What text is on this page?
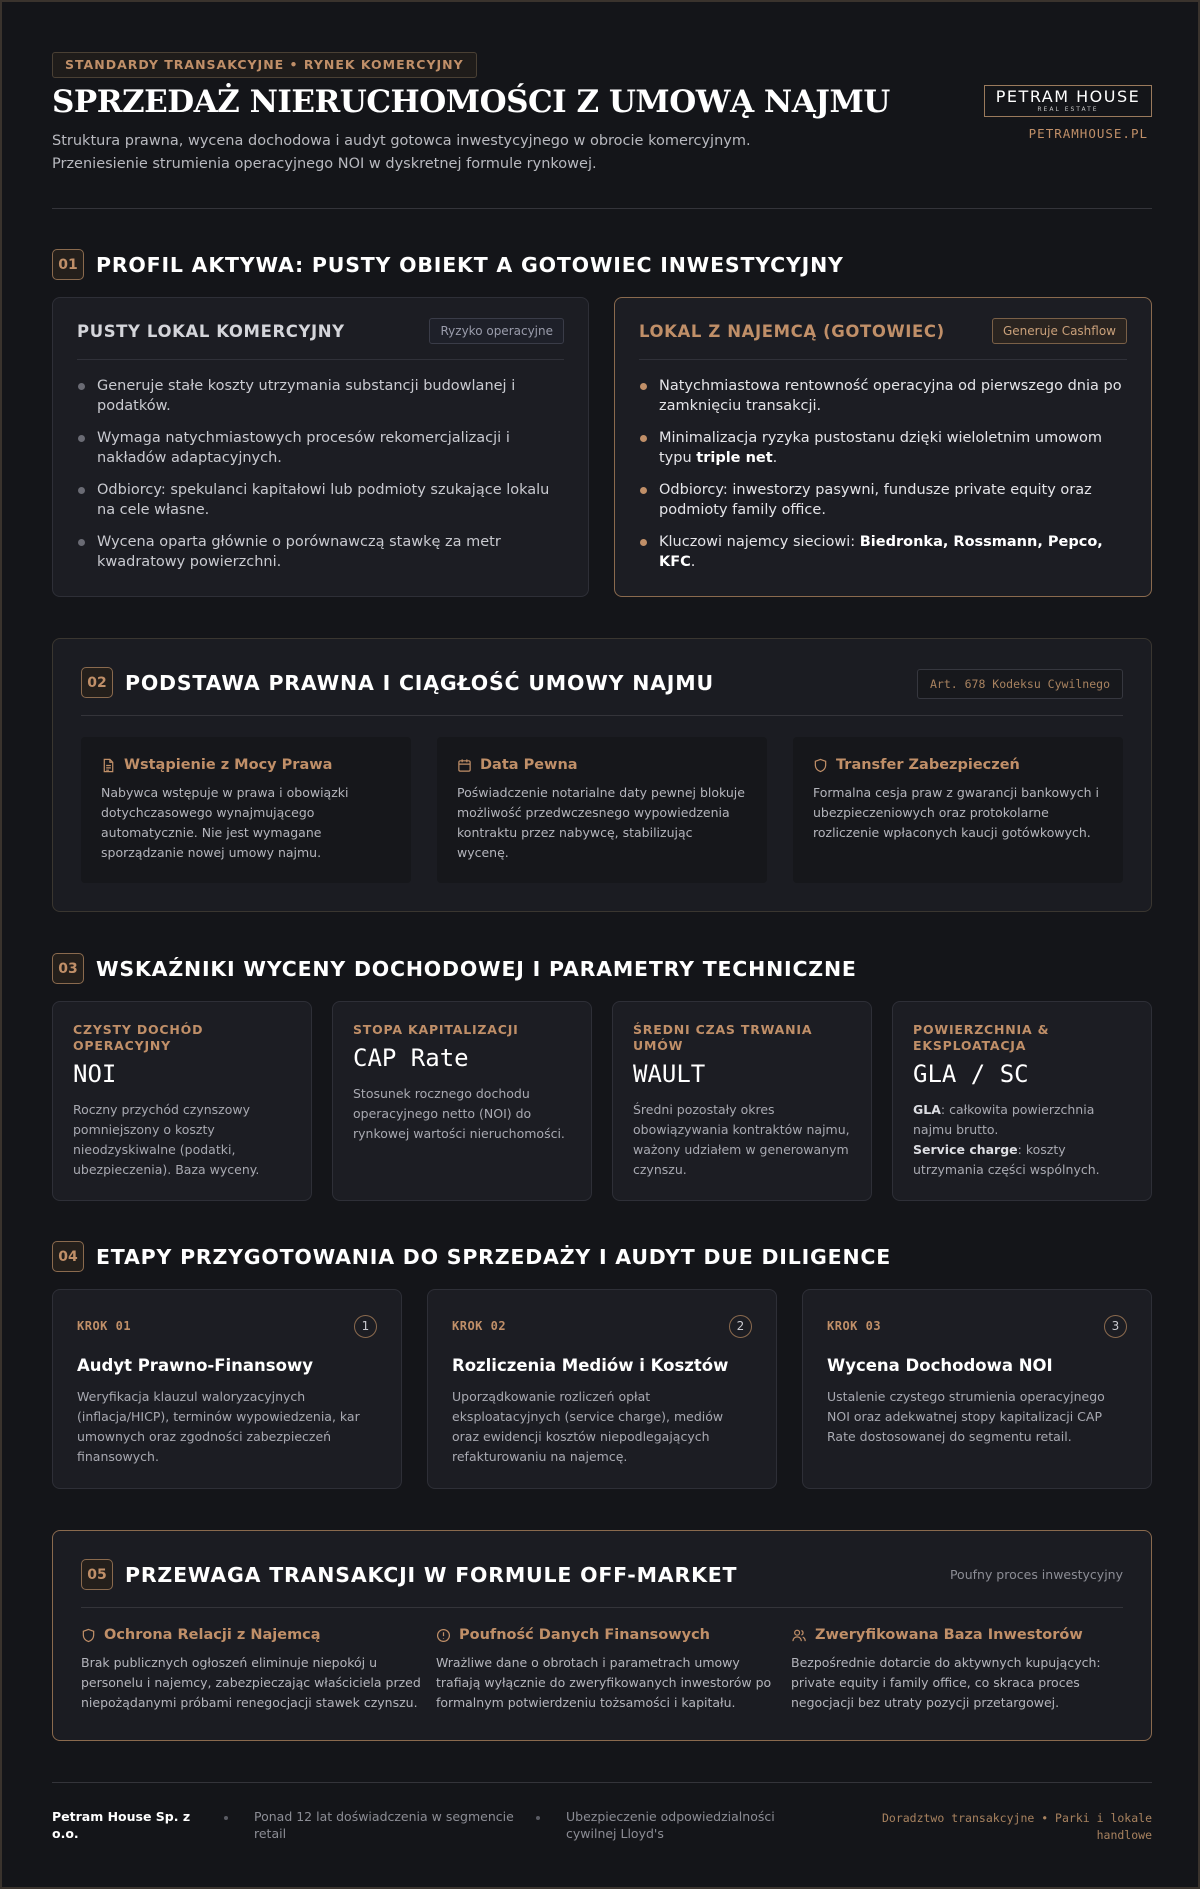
STANDARDY TRANSAKCYJNE • RYNEK KOMERCYJNY
SPRZEDAŻ NIERUCHOMOŚCI Z UMOWĄ NAJMU
Struktura prawna, wycena dochodowa i audyt gotowca inwestycyjnego w obrocie komercyjnym.
Przeniesienie strumienia operacyjnego NOI w dyskretnej formule rynkowej.
PETRAM HOUSE
REAL ESTATE
PETRAMHOUSE.PL
01 PROFIL AKTYWA: PUSTY OBIEKT A GOTOWIEC INWESTYCYJNY
PUSTY LOKAL KOMERCYJNY	Ryzyko operacyjne
Generuje stałe koszty utrzymania substancji budowlanej i podatków.
Wymaga natychmiastowych procesów rekomercjalizacji i nakładów adaptacyjnych.
Odbiorcy: spekulanci kapitałowi lub podmioty szukające lokalu na cele własne.
Wycena oparta głównie o porównawczą stawkę za metr kwadratowy powierzchni.
LOKAL Z NAJEMCĄ (GOTOWIEC)	Generuje Cashflow
Natychmiastowa rentowność operacyjna od pierwszego dnia po zamknięciu transakcji.
Minimalizacja ryzyka pustostanu dzięki wieloletnim umowom typu triple net.
Odbiorcy: inwestorzy pasywni, fundusze private equity oraz podmioty family office.
Kluczowi najemcy sieciowi: Biedronka, Rossmann, Pepco, KFC.
02 PODSTAWA PRAWNA I CIĄGŁOŚĆ UMOWY NAJMU	Art. 678 Kodeksu Cywilnego
Wstąpienie z Mocy Prawa
Nabywca wstępuje w prawa i obowiązki dotychczasowego wynajmującego automatycznie. Nie jest wymagane sporządzanie nowej umowy najmu.
Data Pewna
Poświadczenie notarialne daty pewnej blokuje możliwość przedwczesnego wypowiedzenia kontraktu przez nabywcę, stabilizując wycenę.
Transfer Zabezpieczeń
Formalna cesja praw z gwarancji bankowych i ubezpieczeniowych oraz protokolarne rozliczenie wpłaconych kaucji gotówkowych.
03 WSKAŹNIKI WYCENY DOCHODOWEJ I PARAMETRY TECHNICZNE
CZYSTY DOCHÓD OPERACYJNY
NOI
Roczny przychód czynszowy pomniejszony o koszty nieodzyskiwalne (podatki, ubezpieczenia). Baza wyceny.
STOPA KAPITALIZACJI
CAP Rate
Stosunek rocznego dochodu operacyjnego netto (NOI) do rynkowej wartości nieruchomości.
ŚREDNI CZAS TRWANIA UMÓW
WAULT
Średni pozostały okres obowiązywania kontraktów najmu, ważony udziałem w generowanym czynszu.
POWIERZCHNIA & EKSPLOATACJA
GLA / SC
GLA: całkowita powierzchnia najmu brutto.
Service charge: koszty utrzymania części wspólnych.
04 ETAPY PRZYGOTOWANIA DO SPRZEDAŻY I AUDYT DUE DILIGENCE
KROK 01	1
Audyt Prawno-Finansowy
Weryfikacja klauzul waloryzacyjnych (inflacja/HICP), terminów wypowiedzenia, kar umownych oraz zgodności zabezpieczeń finansowych.
KROK 02	2
Rozliczenia Mediów i Kosztów
Uporządkowanie rozliczeń opłat eksploatacyjnych (service charge), mediów oraz ewidencji kosztów niepodlegających refakturowaniu na najemcę.
KROK 03	3
Wycena Dochodowa NOI
Ustalenie czystego strumienia operacyjnego NOI oraz adekwatnej stopy kapitalizacji CAP Rate dostosowanej do segmentu retail.
05 PRZEWAGA TRANSAKCJI W FORMULE OFF-MARKET	Poufny proces inwestycyjny
Ochrona Relacji z Najemcą
Brak publicznych ogłoszeń eliminuje niepokój u personelu i najemcy, zabezpieczając właściciela przed niepożądanymi próbami renegocjacji stawek czynszu.
Poufność Danych Finansowych
Wrażliwe dane o obrotach i parametrach umowy trafiają wyłącznie do zweryfikowanych inwestorów po formalnym potwierdzeniu tożsamości i kapitału.
Zweryfikowana Baza Inwestorów
Bezpośrednie dotarcie do aktywnych kupujących: private equity i family office, co skraca proces negocjacji bez utraty pozycji przetargowej.
Petram House Sp. z o.o.
Ponad 12 lat doświadczenia w segmencie retail
Ubezpieczenie odpowiedzialności cywilnej Lloyd's
Doradztwo transakcyjne • Parki i lokale
handlowe
